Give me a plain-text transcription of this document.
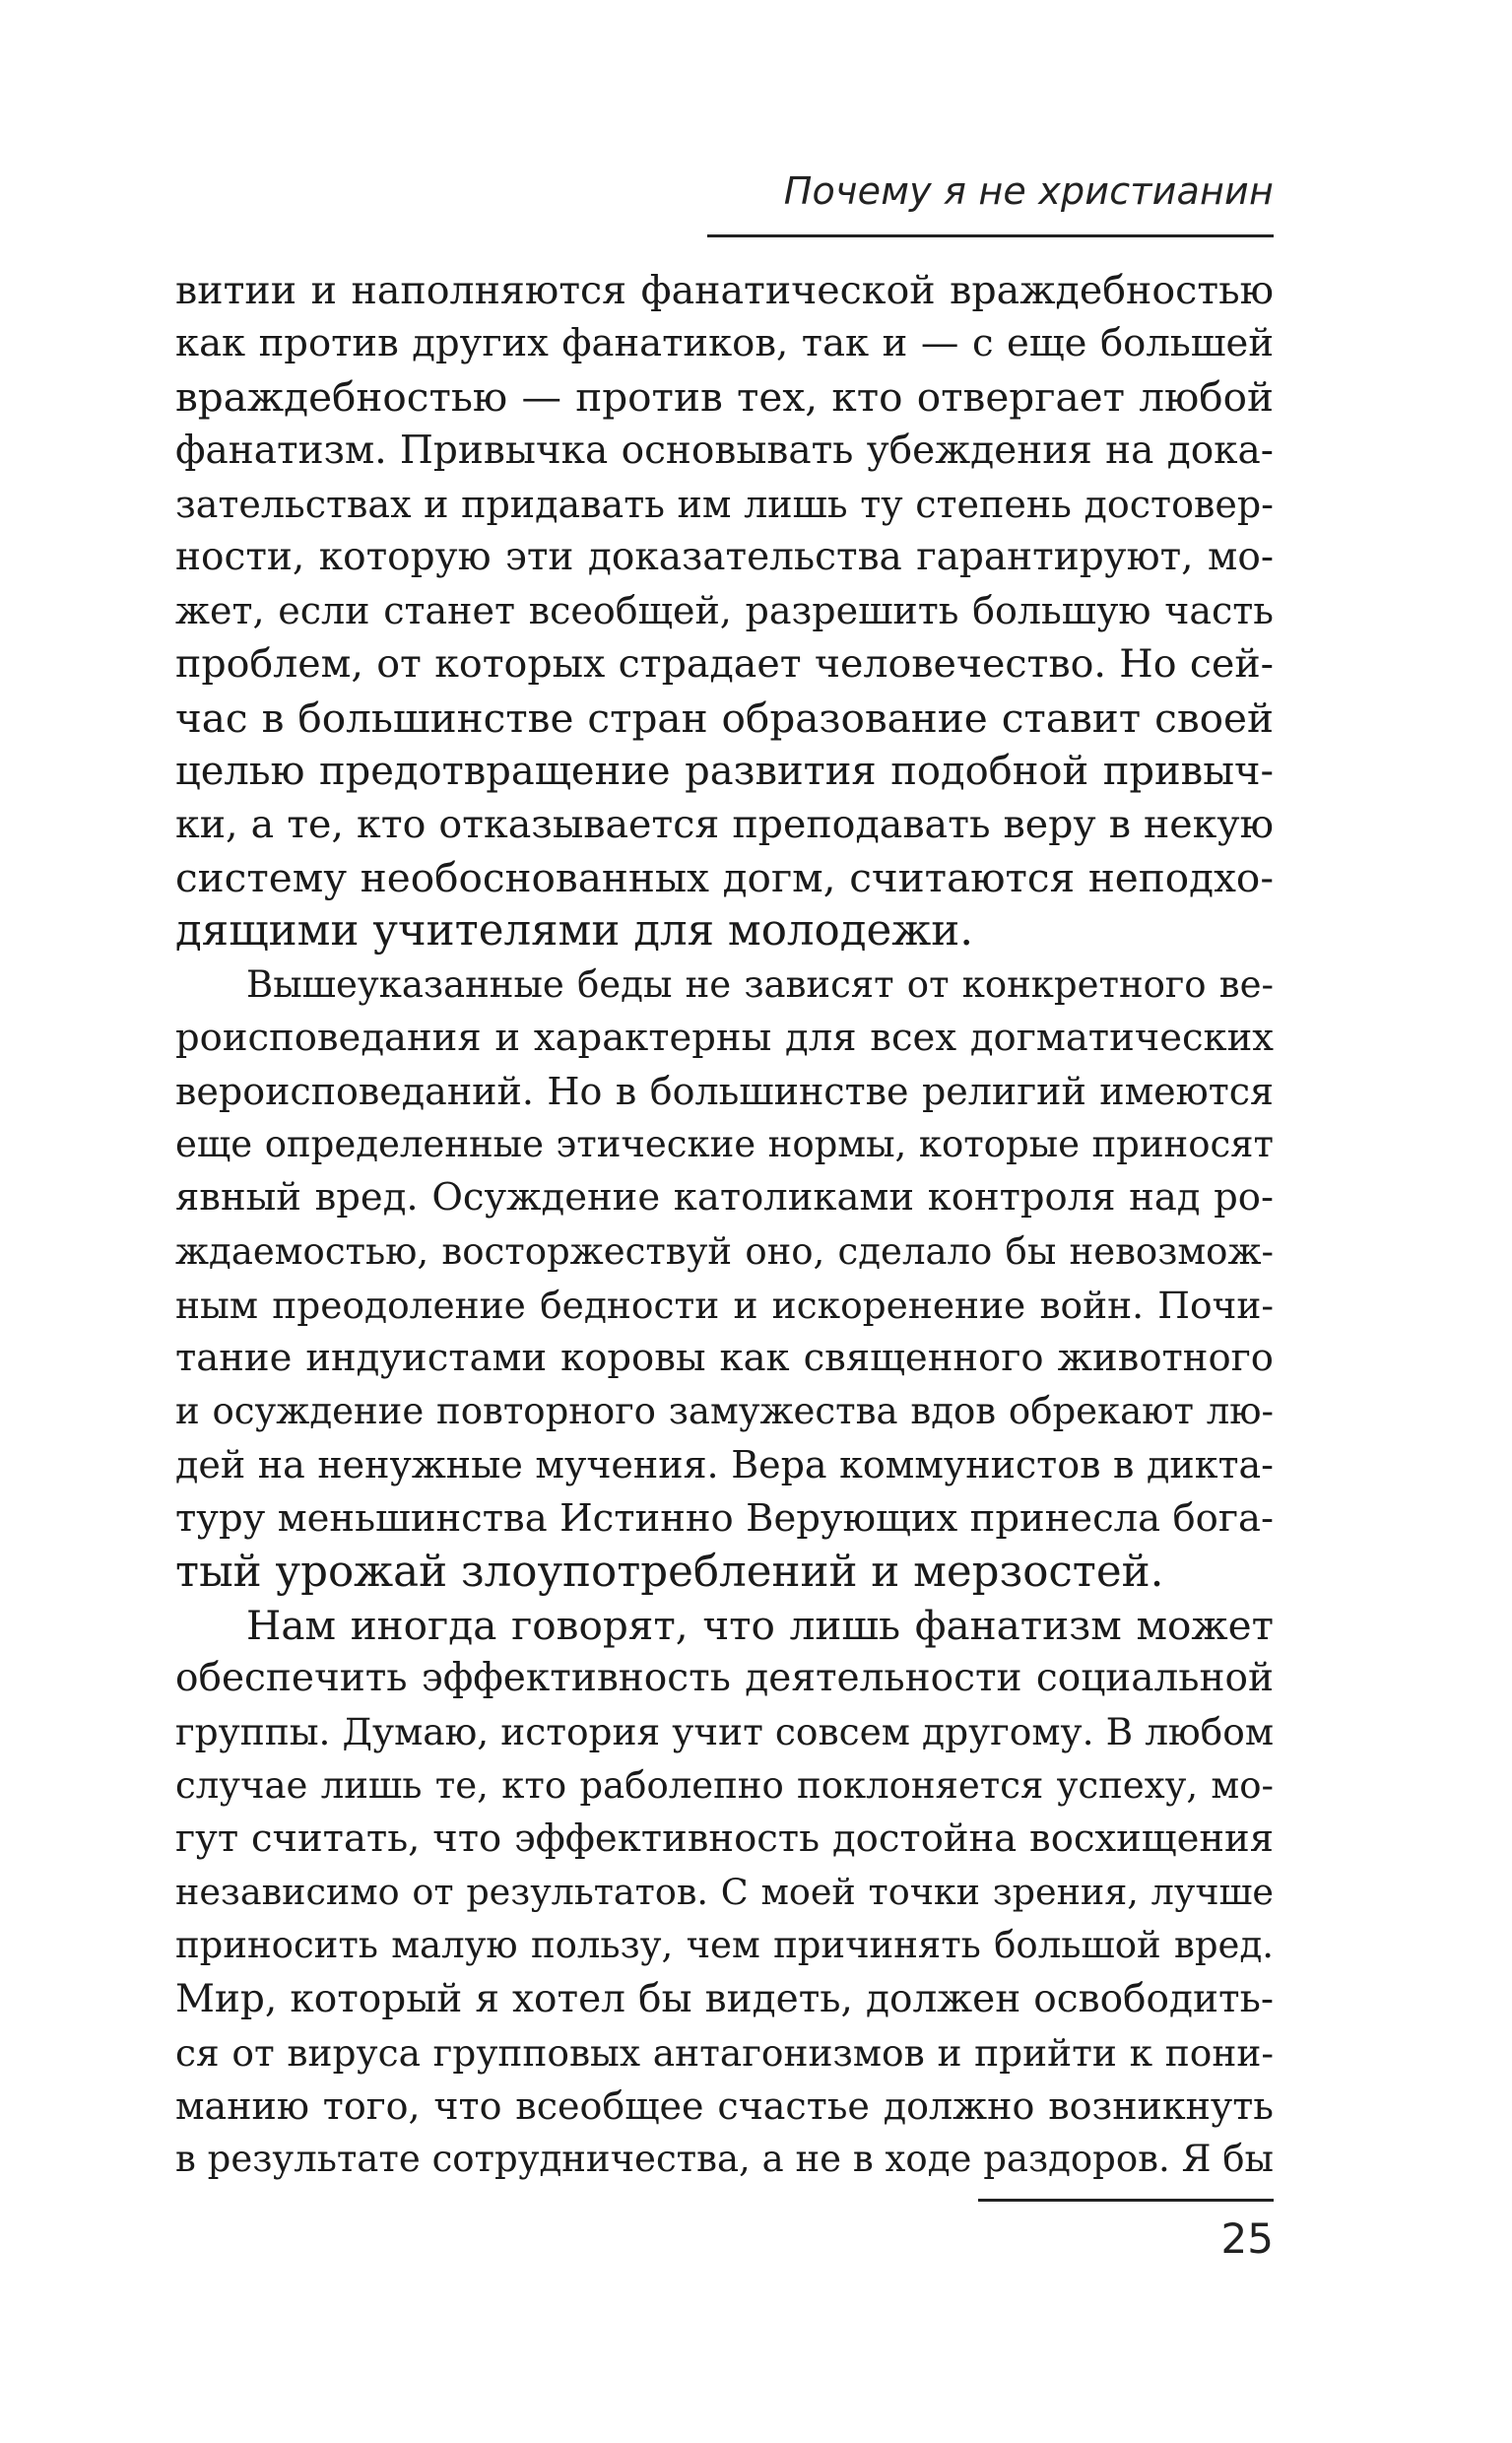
Почему я не христианин
витии и наполняются фанатической враждебностью
как против других фанатиков, так и — с еще большей
враждебностью — против тех, кто отвергает любой
фанатизм. Привычка основывать убеждения на дока-
зательствах и придавать им лишь ту степень достовер-
ности, которую эти доказательства гарантируют, мо-
жет, если станет всеобщей, разрешить большую часть
проблем, от которых страдает человечество. Но сей-
час в большинстве стран образование ставит своей
целью предотвращение развития подобной привыч-
ки, а те, кто отказывается преподавать веру в некую
систему необоснованных догм, считаются неподхо-
дящими учителями для молодежи.
Вышеуказанные беды не зависят от конкретного ве-
роисповедания и характерны для всех догматических
вероисповеданий. Но в большинстве религий имеются
еще определенные этические нормы, которые приносят
явный вред. Осуждение католиками контроля над ро-
ждаемостью, восторжествуй оно, сделало бы невозмож-
ным преодоление бедности и искоренение войн. Почи-
тание индуистами коровы как священного животного
и осуждение повторного замужества вдов обрекают лю-
дей на ненужные мучения. Вера коммунистов в дикта-
туру меньшинства Истинно Верующих принесла бога-
тый урожай злоупотреблений и мерзостей.
Нам иногда говорят, что лишь фанатизм может
обеспечить эффективность деятельности социальной
группы. Думаю, история учит совсем другому. В любом
случае лишь те, кто раболепно поклоняется успеху, мо-
гут считать, что эффективность достойна восхищения
независимо от результатов. С моей точки зрения, лучше
приносить малую пользу, чем причинять большой вред.
Мир, который я хотел бы видеть, должен освободить-
ся от вируса групповых антагонизмов и прийти к пони-
манию того, что всеобщее счастье должно возникнуть
в результате сотрудничества, а не в ходе раздоров. Я бы
25
